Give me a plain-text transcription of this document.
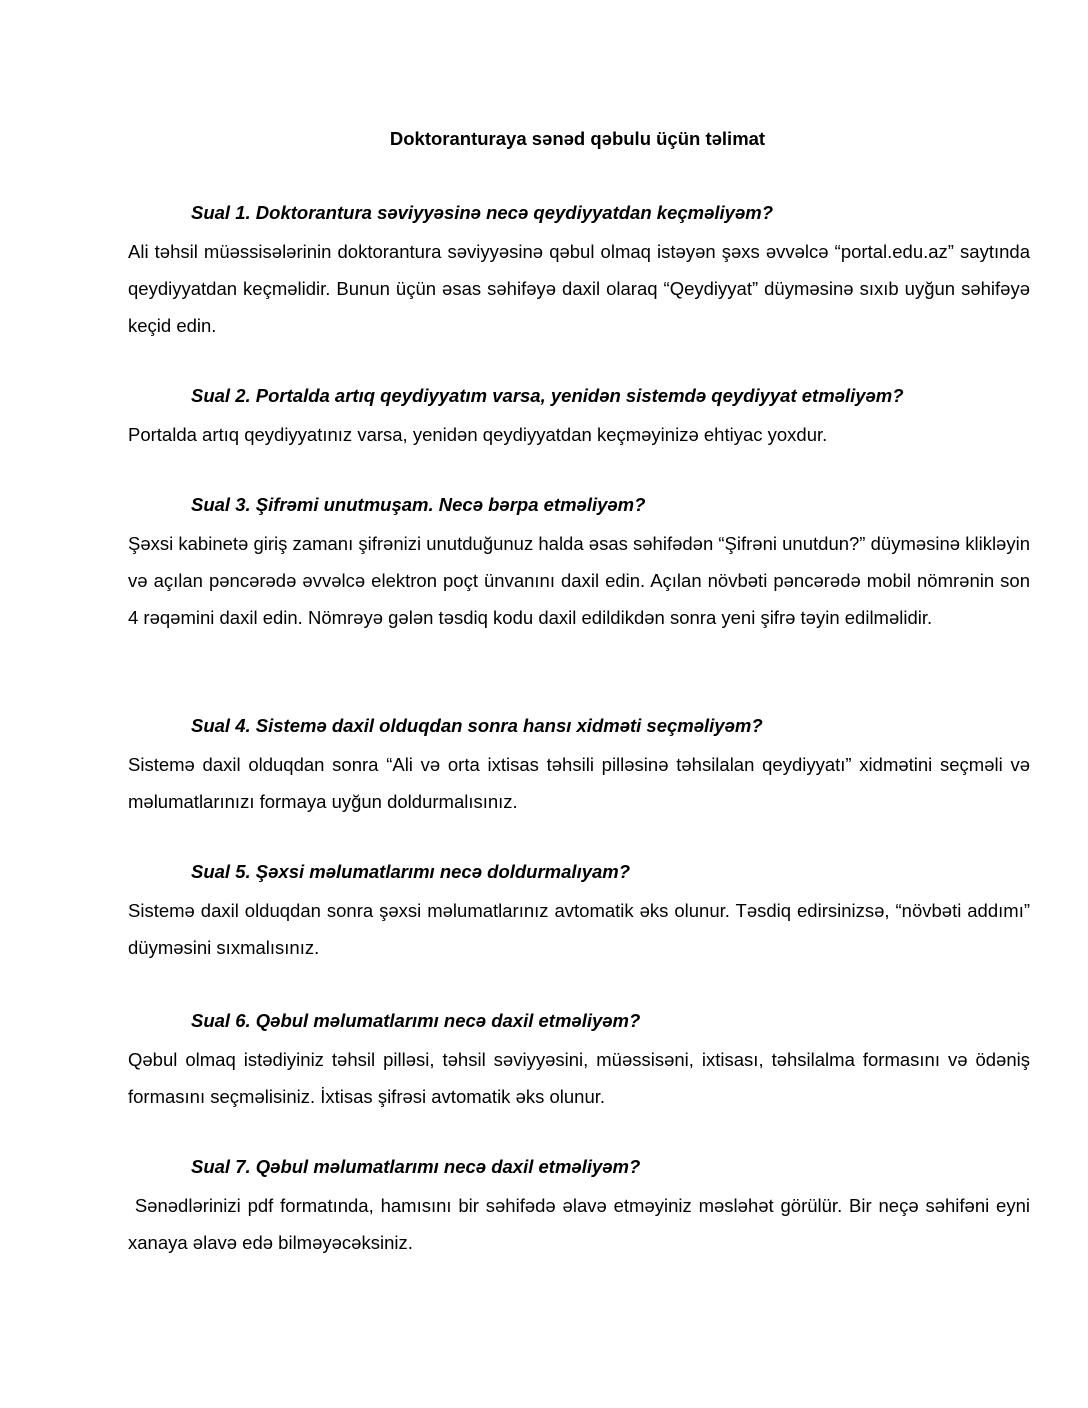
Doktoranturaya sənəd qəbulu üçün təlimat

Sual 1. Doktorantura səviyyəsinə necə qeydiyyatdan keçməliyəm?

Ali təhsil müəssisələrinin doktorantura səviyyəsinə qəbul olmaq istəyən şəxs əvvəlcə “portal.edu.az” saytında qeydiyyatdan keçməlidir. Bunun üçün əsas səhifəyə daxil olaraq “Qeydiyyat” düyməsinə sıxıb uyğun səhifəyə keçid edin.

Sual 2. Portalda artıq qeydiyyatım varsa, yenidən sistemdə qeydiyyat etməliyəm?

Portalda artıq qeydiyyatınız varsa, yenidən qeydiyyatdan keçməyinizə ehtiyac yoxdur.

Sual 3. Şifrəmi unutmuşam. Necə bərpa etməliyəm?

Şəxsi kabinetə giriş zamanı şifrənizi unutduğunuz halda əsas səhifədən “Şifrəni unutdun?” düyməsinə klikləyin və açılan pəncərədə əvvəlcə elektron poçt ünvanını daxil edin. Açılan növbəti pəncərədə mobil nömrənin son 4 rəqəmini daxil edin. Nömrəyə gələn təsdiq kodu daxil edildikdən sonra yeni şifrə təyin edilməlidir.

Sual 4. Sistemə daxil olduqdan sonra hansı xidməti seçməliyəm?

Sistemə daxil olduqdan sonra “Ali və orta ixtisas təhsili pilləsinə təhsilalan qeydiyyatı” xidmətini seçməli və məlumatlarınızı formaya uyğun doldurmalısınız.

Sual 5. Şəxsi məlumatlarımı necə doldurmalıyam?

Sistemə daxil olduqdan sonra şəxsi məlumatlarınız avtomatik əks olunur. Təsdiq edirsinizsə, “növbəti addımı” düyməsini sıxmalısınız.

Sual 6. Qəbul məlumatlarımı necə daxil etməliyəm?

Qəbul olmaq istədiyiniz təhsil pilləsi, təhsil səviyyəsini, müəssisəni, ixtisası, təhsilalma formasını və ödəniş formasını seçməlisiniz. İxtisas şifrəsi avtomatik əks olunur.

Sual 7. Qəbul məlumatlarımı necə daxil etməliyəm?

Sənədlərinizi pdf formatında, hamısını bir səhifədə əlavə etməyiniz məsləhət görülür. Bir neçə səhifəni eyni xanaya əlavə edə bilməyəcəksiniz.
